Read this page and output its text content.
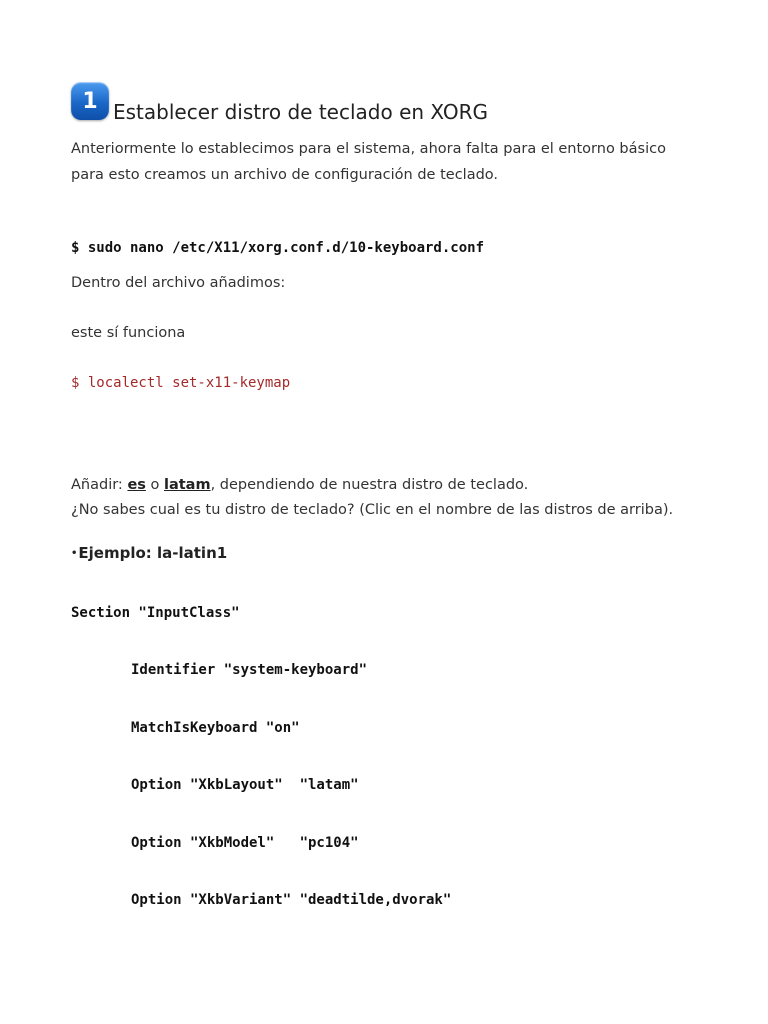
1 Establecer distro de teclado en XORG
Anteriormente lo establecimos para el sistema, ahora falta para el entorno básico
para esto creamos un archivo de configuración de teclado.
$ sudo nano /etc/X11/xorg.conf.d/10-keyboard.conf
Dentro del archivo añadimos:
este sí funciona
$ localectl set-x11-keymap
Añadir: es o latam, dependiendo de nuestra distro de teclado.
¿No sabes cual es tu distro de teclado? (Clic en el nombre de las distros de arriba).
•Ejemplo: la-latin1
Section "InputClass"
Identifier "system-keyboard"
MatchIsKeyboard "on"
Option "XkbLayout"  "latam"
Option "XkbModel"   "pc104"
Option "XkbVariant" "deadtilde,dvorak"
